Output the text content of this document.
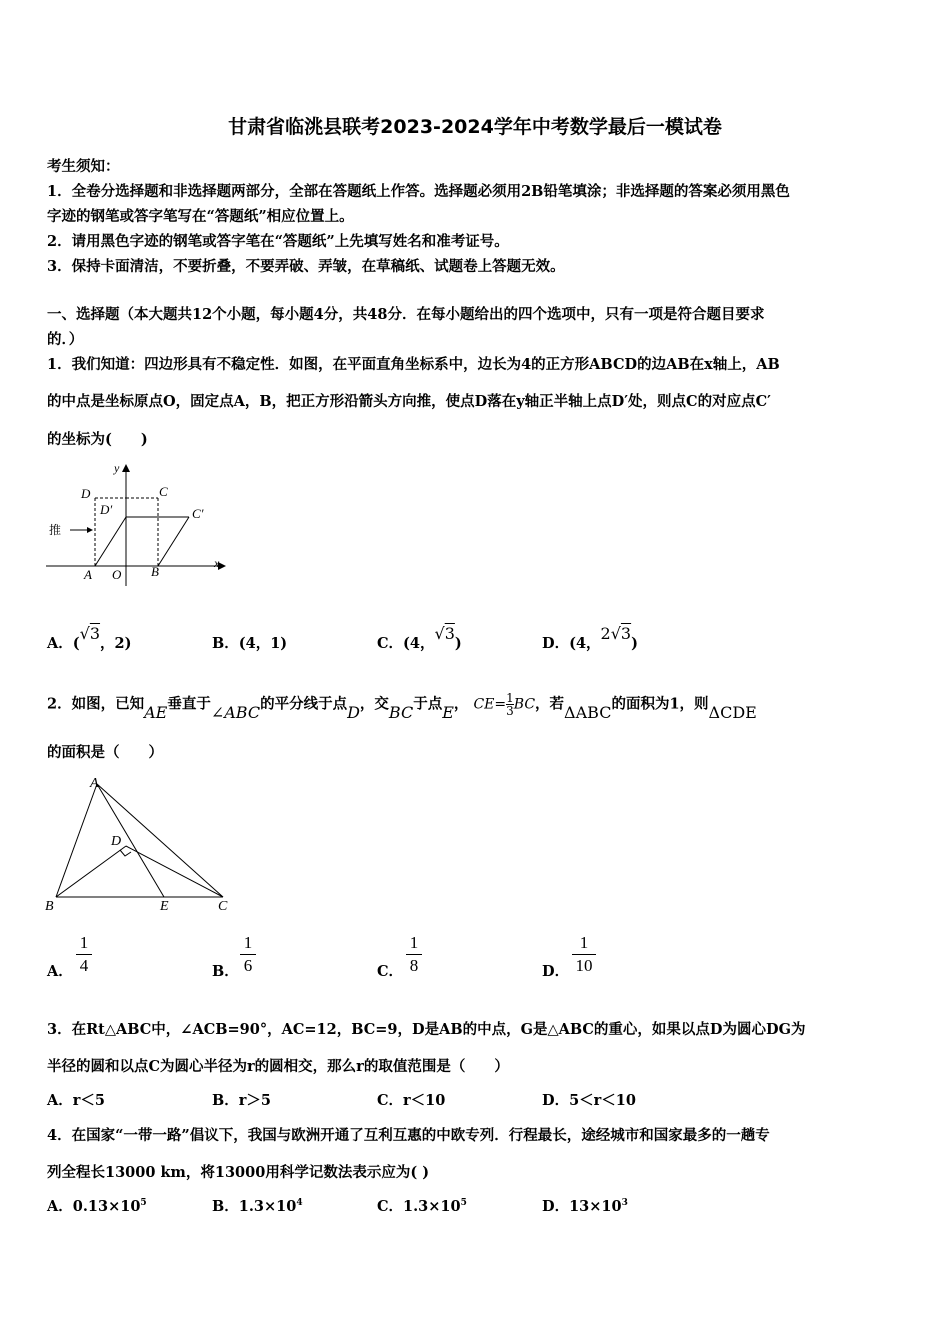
甘肃省临洮县联考2023-2024学年中考数学最后一模试卷
考生须知：
1．全卷分选择题和非选择题两部分，全部在答题纸上作答。选择题必须用2B铅笔填涂；非选择题的答案必须用黑色
字迹的钢笔或答字笔写在“答题纸”相应位置上。
2．请用黑色字迹的钢笔或答字笔在“答题纸”上先填写姓名和准考证号。
3．保持卡面清洁，不要折叠，不要弄破、弄皱，在草稿纸、试题卷上答题无效。
一、选择题（本大题共12个小题，每小题4分，共48分．在每小题给出的四个选项中，只有一项是符合题目要求
的．）
1．我们知道：四边形具有不稳定性．如图，在平面直角坐标系中，边长为4的正方形ABCD的边AB在x轴上，AB
的中点是坐标原点O，固定点A，B，把正方形沿箭头方向推，使点D落在y轴正半轴上点D′处，则点C的对应点C′
的坐标为(　　)
推
y
x
D	C
D′	C′
A O B
A．(√3，2)	B．(4，1)	C．(4，√3)	D．(4，2√3)
2．如图，已知AE垂直于∠ABC的平分线于点D，交BC于点E， $CE= \frac{1}{3}$ BC，若ΔABC的面积为1，则ΔCDE
的面积是（　　）
A
D
B	E	C
A．
1
4	B．
1
6	C．
1
8	D．
1
10
3．在Rt△ABC中，∠ACB=90°，AC=12，BC=9，D是AB的中点，G是△ABC的重心，如果以点D为圆心DG为
半径的圆和以点C为圆心半径为r的圆相交，那么r的取值范围是（　　）
A．r＜5	B．r＞5	C．r＜10	D．5＜r＜10
4．在国家“一带一路”倡议下，我国与欧洲开通了互利互惠的中欧专列．行程最长，途经城市和国家最多的一趟专
列全程长13000 km，将13000用科学记数法表示应为( )
A．$0.13\times 10^5$	B．$1.3\times 10^4$	C．$1.3\times 10^5$	D．$13\times 10^3$
